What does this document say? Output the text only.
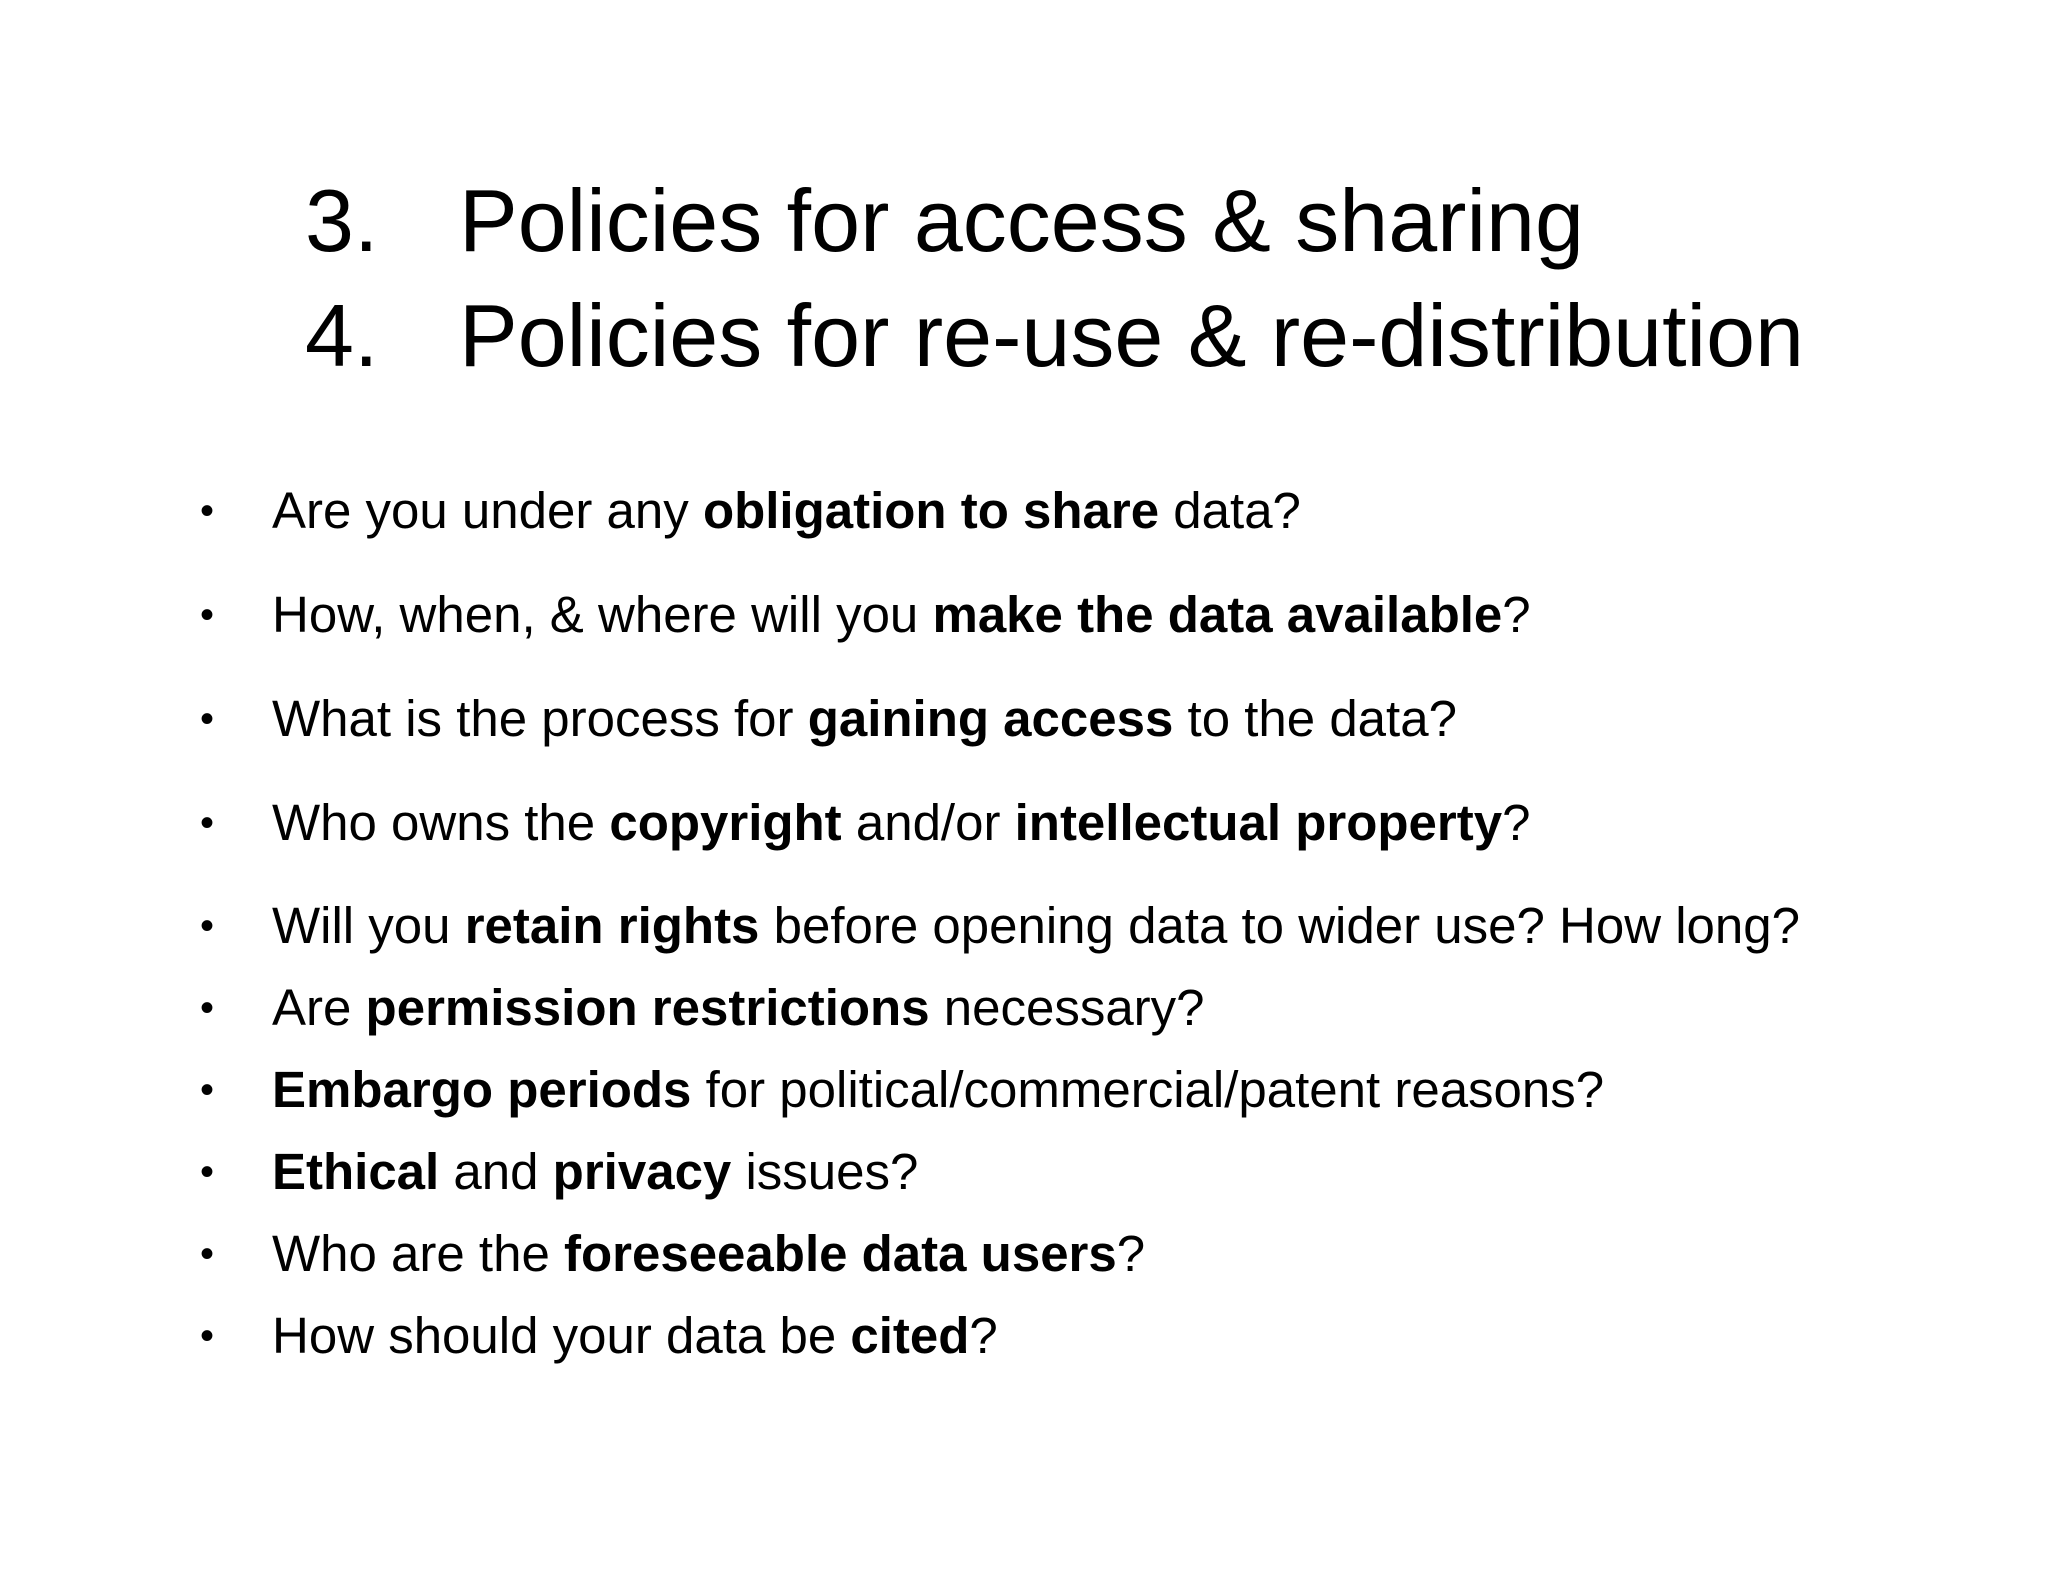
3. Policies for access & sharing
4. Policies for re-use & re-distribution
•	Are you under any obligation to share data?
•	How, when, & where will you make the data available?
•	What is the process for gaining access to the data?
•	Who owns the copyright and/or intellectual property?
•	Will you retain rights before opening data to wider use? How long?
•	Are permission restrictions necessary?
•	Embargo periods for political/commercial/patent reasons?
•	Ethical and privacy issues?
•	Who are the foreseeable data users?
•	How should your data be cited?
